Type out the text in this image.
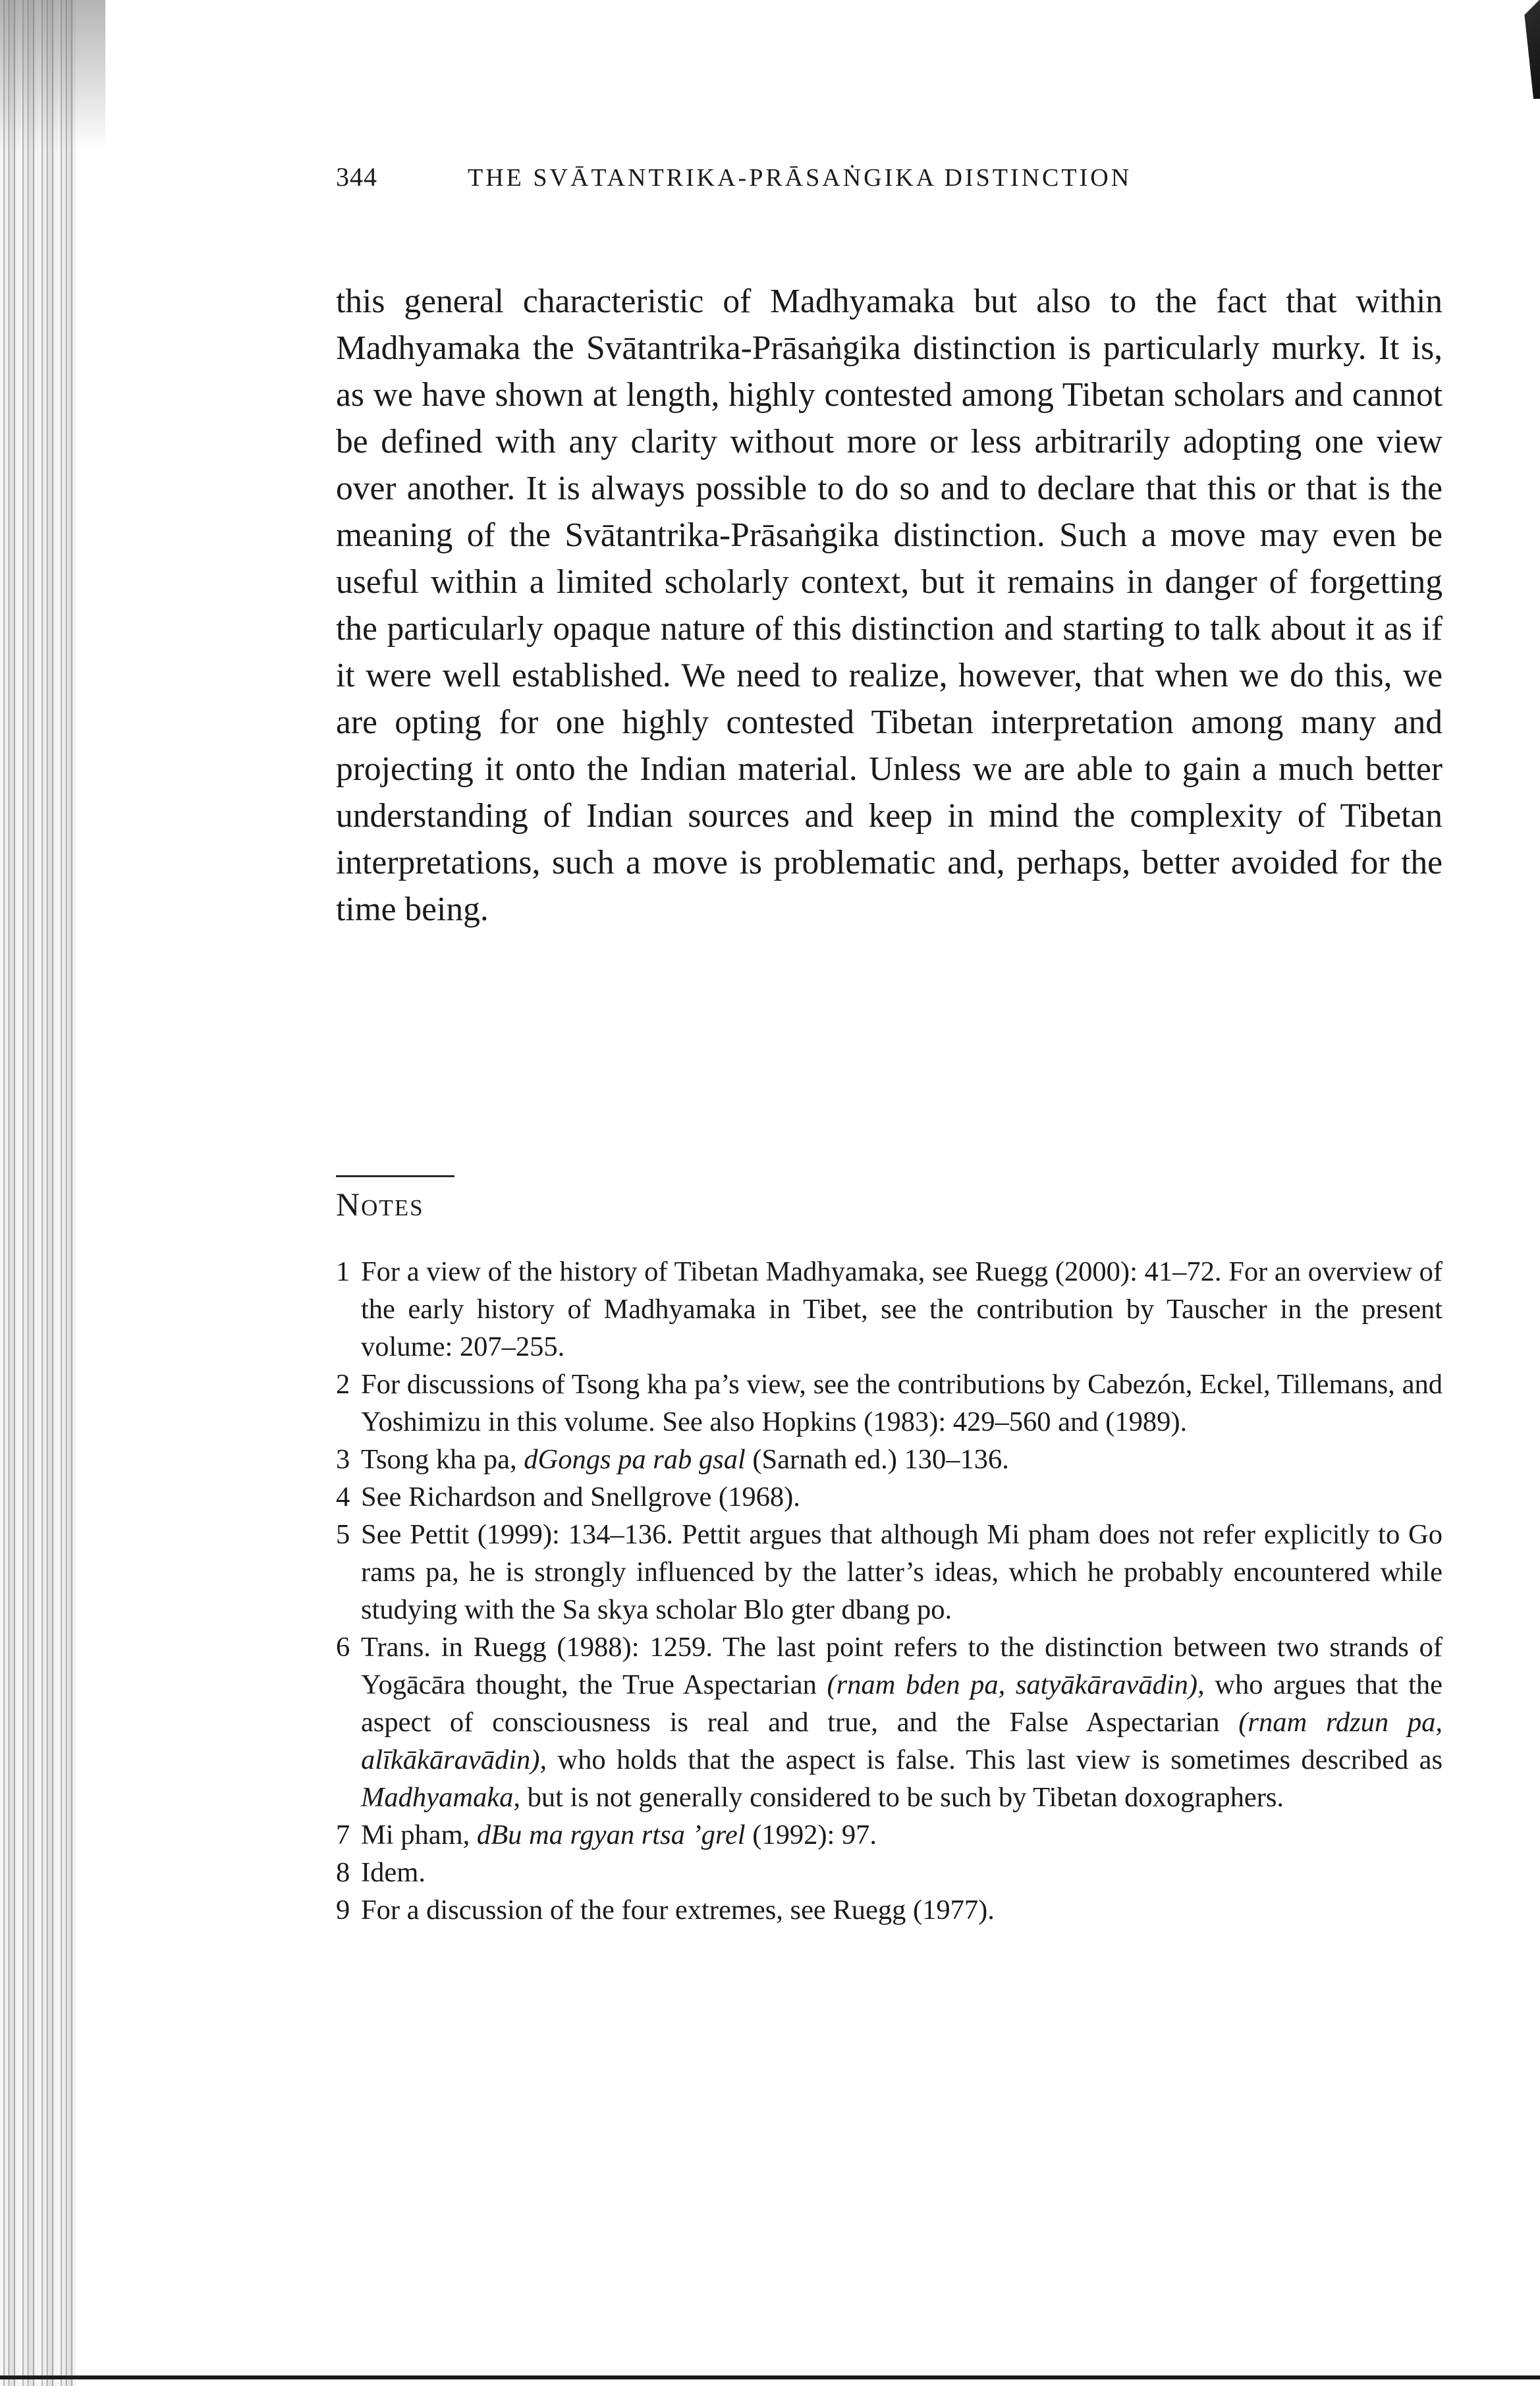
344	THE SVĀTANTRIKA-PRĀSAṄGIKA DISTINCTION

this general characteristic of Madhyamaka but also to the fact that within Madhyamaka the Svātantrika-Prāsaṅgika distinction is particularly murky. It is, as we have shown at length, highly contested among Tibetan scholars and cannot be defined with any clarity without more or less arbitrarily adopting one view over another. It is always possible to do so and to declare that this or that is the meaning of the Svātantrika-Prāsaṅgika distinction. Such a move may even be useful within a limited scholarly context, but it remains in danger of forgetting the particularly opaque nature of this distinction and starting to talk about it as if it were well established. We need to realize, however, that when we do this, we are opting for one highly contested Tibetan interpretation among many and projecting it onto the Indian material. Unless we are able to gain a much better understanding of Indian sources and keep in mind the complexity of Tibetan interpretations, such a move is problematic and, perhaps, better avoided for the time being.

Notes
1 For a view of the history of Tibetan Madhyamaka, see Ruegg (2000): 41–72. For an overview of the early history of Madhyamaka in Tibet, see the contribution by Tauscher in the present volume: 207–255.
2 For discussions of Tsong kha pa’s view, see the contributions by Cabezón, Eckel, Tillemans, and Yoshimizu in this volume. See also Hopkins (1983): 429–560 and (1989).
3 Tsong kha pa, dGongs pa rab gsal (Sarnath ed.) 130–136.
4 See Richardson and Snellgrove (1968).
5 See Pettit (1999): 134–136. Pettit argues that although Mi pham does not refer explicitly to Go rams pa, he is strongly influenced by the latter’s ideas, which he probably encountered while studying with the Sa skya scholar Blo gter dbang po.
6 Trans. in Ruegg (1988): 1259. The last point refers to the distinction between two strands of Yogācāra thought, the True Aspectarian (rnam bden pa, satyākāravādin), who argues that the aspect of consciousness is real and true, and the False Aspectarian (rnam rdzun pa, alīkākāravādin), who holds that the aspect is false. This last view is sometimes described as Madhyamaka, but is not generally considered to be such by Tibetan doxographers.
7 Mi pham, dBu ma rgyan rtsa ’grel (1992): 97.
8 Idem.
9 For a discussion of the four extremes, see Ruegg (1977).
